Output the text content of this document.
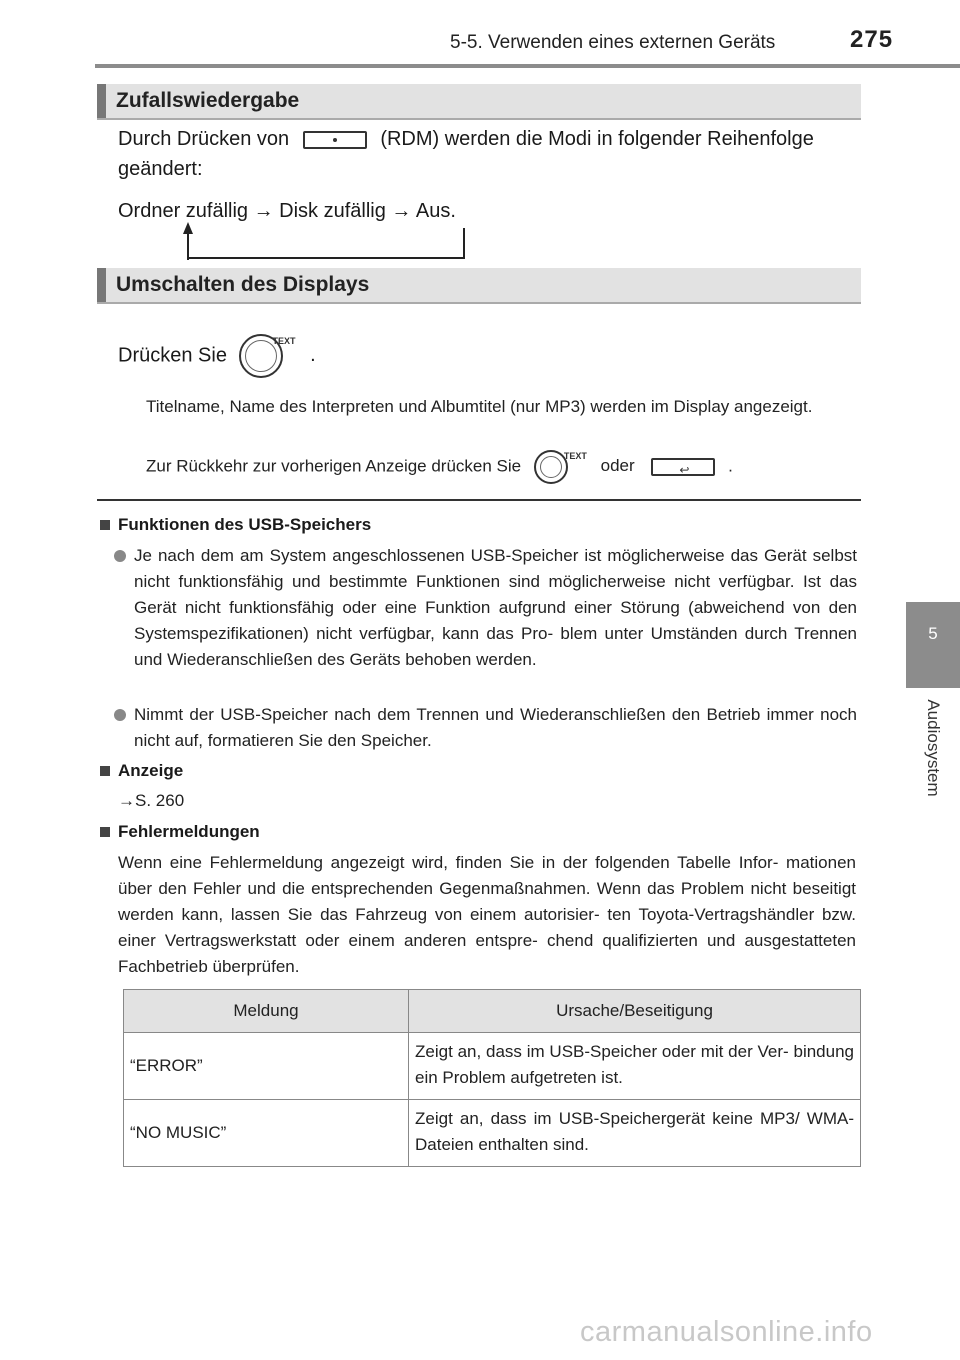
5-5. Verwenden eines externen Geräts	275
5
Audiosystem
Zufallswiedergabe
Durch Drücken von	(RDM) werden die Modi in folgender Reihenfolge
geändert:
Ordner zufällig → Disk zufällig → Aus.
Umschalten des Displays
Drücken Sie
TEXT
.
Titelname, Name des Interpreten und Albumtitel (nur MP3) werden im Display angezeigt.
Zur Rückkehr zur vorherigen Anzeige drücken Sie
TEXT
oder	↩ .
Funktionen des USB-Speichers
Je nach dem am System angeschlossenen USB-Speicher ist möglicherweise das Gerät selbst nicht funktionsfähig und bestimmte Funktionen sind möglicherweise nicht verfügbar. Ist das Gerät nicht funktionsfähig oder eine Funktion aufgrund einer Störung (abweichend von den Systemspezifikationen) nicht verfügbar, kann das Pro- blem unter Umständen durch Trennen und Wiederanschließen des Geräts behoben werden.
Nimmt der USB-Speicher nach dem Trennen und Wiederanschließen den Betrieb immer noch nicht auf, formatieren Sie den Speicher.
Anzeige
→S. 260
Fehlermeldungen
Wenn eine Fehlermeldung angezeigt wird, finden Sie in der folgenden Tabelle Infor- mationen über den Fehler und die entsprechenden Gegenmaßnahmen. Wenn das Problem nicht beseitigt werden kann, lassen Sie das Fahrzeug von einem autorisier- ten Toyota-Vertragshändler bzw. einer Vertragswerkstatt oder einem anderen entspre- chend qualifizierten und ausgestatteten Fachbetrieb überprüfen.
Meldung	Ursache/Beseitigung
“ERROR”	Zeigt an, dass im USB-Speicher oder mit der Ver- bindung ein Problem aufgetreten ist.
“NO MUSIC”	Zeigt an, dass im USB-Speichergerät keine MP3/ WMA-Dateien enthalten sind.
carmanualsonline.info
